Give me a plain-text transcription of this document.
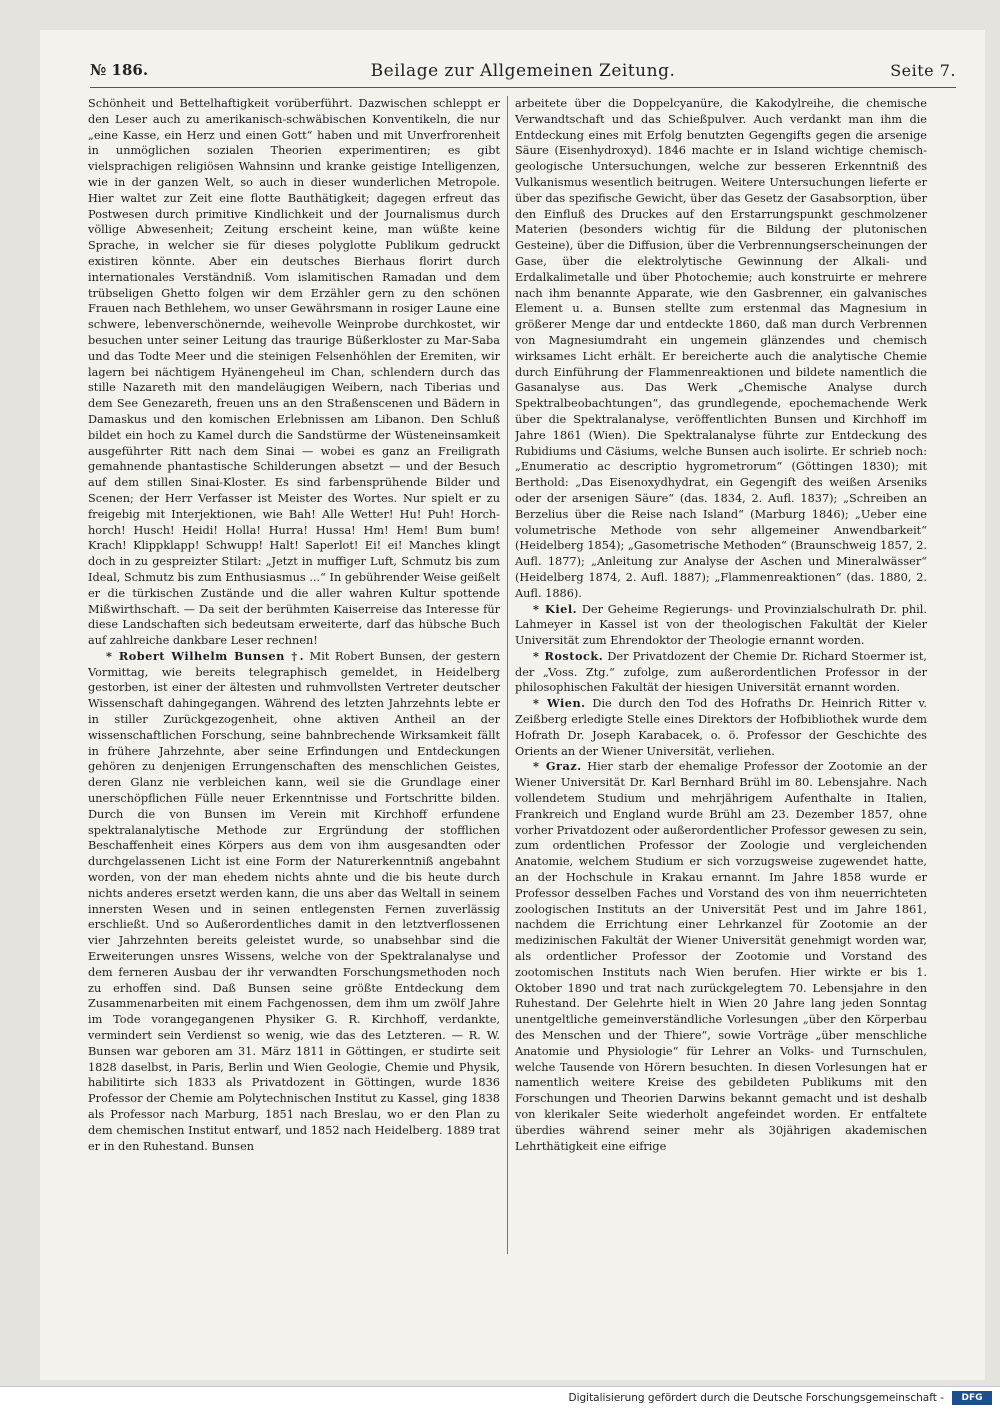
№ 186.	Beilage zur Allgemeinen Zeitung.	Seite 7.

Schönheit und Bettelhaftigkeit vorüberführt. Dazwischen schleppt er den Leser auch zu amerikanisch-schwäbischen Konventikeln, die nur „eine Kasse, ein Herz und einen Gott“ haben und mit Unverfrorenheit in unmöglichen sozialen Theorien experimentiren; es gibt vielsprachigen religiösen Wahnsinn und kranke geistige Intelligenzen, wie in der ganzen Welt, so auch in dieser wunderlichen Metropole. Hier waltet zur Zeit eine flotte Bauthätigkeit; dagegen erfreut das Postwesen durch primitive Kindlichkeit und der Journalismus durch völlige Abwesenheit; Zeitung erscheint keine, man wüßte keine Sprache, in welcher sie für dieses polyglotte Publikum gedruckt existiren könnte. Aber ein deutsches Bierhaus florirt durch internationales Verständniß. Vom islamitischen Ramadan und dem trübseligen Ghetto folgen wir dem Erzähler gern zu den schönen Frauen nach Bethlehem, wo unser Gewährsmann in rosiger Laune eine schwere, lebenverschönernde, weihevolle Weinprobe durchkostet, wir besuchen unter seiner Leitung das traurige Büßerkloster zu Mar-Saba und das Todte Meer und die steinigen Felsenhöhlen der Eremiten, wir lagern bei nächtigem Hyänengeheul im Chan, schlendern durch das stille Nazareth mit den mandeläugigen Weibern, nach Tiberias und dem See Genezareth, freuen uns an den Straßenscenen und Bädern in Damaskus und den komischen Erlebnissen am Libanon. Den Schluß bildet ein hoch zu Kamel durch die Sandstürme der Wüsteneinsamkeit ausgeführter Ritt nach dem Sinai — wobei es ganz an Freiligrath gemahnende phantastische Schilderungen absetzt — und der Besuch auf dem stillen Sinai-Kloster. Es sind farbensprühende Bilder und Scenen; der Herr Verfasser ist Meister des Wortes. Nur spielt er zu freigebig mit Interjektionen, wie Bah! Alle Wetter! Hu! Puh! Horch-horch! Husch! Heidi! Holla! Hurra! Hussa! Hm! Hem! Bum bum! Krach! Klippklapp! Schwupp! Halt! Saperlot! Ei! ei! Manches klingt doch in zu gespreizter Stilart: „Jetzt in muffiger Luft, Schmutz bis zum Ideal, Schmutz bis zum Enthusiasmus ...“ In gebührender Weise geißelt er die türkischen Zustände und die aller wahren Kultur spottende Mißwirthschaft. — Da seit der berühmten Kaiserreise das Interesse für diese Landschaften sich bedeutsam erweiterte, darf das hübsche Buch auf zahlreiche dankbare Leser rechnen!

* Robert Wilhelm Bunsen †. Mit Robert Bunsen, der gestern Vormittag, wie bereits telegraphisch gemeldet, in Heidelberg gestorben, ist einer der ältesten und ruhmvollsten Vertreter deutscher Wissenschaft dahingegangen. Während des letzten Jahrzehnts lebte er in stiller Zurückgezogenheit, ohne aktiven Antheil an der wissenschaftlichen Forschung, seine bahnbrechende Wirksamkeit fällt in frühere Jahrzehnte, aber seine Erfindungen und Entdeckungen gehören zu denjenigen Errungenschaften des menschlichen Geistes, deren Glanz nie verbleichen kann, weil sie die Grundlage einer unerschöpflichen Fülle neuer Erkenntnisse und Fortschritte bilden. Durch die von Bunsen im Verein mit Kirchhoff erfundene spektralanalytische Methode zur Ergründung der stofflichen Beschaffenheit eines Körpers aus dem von ihm ausgesandten oder durchgelassenen Licht ist eine Form der Naturerkenntniß angebahnt worden, von der man ehedem nichts ahnte und die bis heute durch nichts anderes ersetzt werden kann, die uns aber das Weltall in seinem innersten Wesen und in seinen entlegensten Fernen zuverlässig erschließt. Und so Außerordentliches damit in den letztverflossenen vier Jahrzehnten bereits geleistet wurde, so unabsehbar sind die Erweiterungen unsres Wissens, welche von der Spektralanalyse und dem ferneren Ausbau der ihr verwandten Forschungsmethoden noch zu erhoffen sind. Daß Bunsen seine größte Entdeckung dem Zusammenarbeiten mit einem Fachgenossen, dem ihm um zwölf Jahre im Tode vorangegangenen Physiker G. R. Kirchhoff, verdankte, vermindert sein Verdienst so wenig, wie das des Letzteren. — R. W. Bunsen war geboren am 31. März 1811 in Göttingen, er studirte seit 1828 daselbst, in Paris, Berlin und Wien Geologie, Chemie und Physik, habilitirte sich 1833 als Privatdozent in Göttingen, wurde 1836 Professor der Chemie am Polytechnischen Institut zu Kassel, ging 1838 als Professor nach Marburg, 1851 nach Breslau, wo er den Plan zu dem chemischen Institut entwarf, und 1852 nach Heidelberg. 1889 trat er in den Ruhestand. Bunsen

arbeitete über die Doppelcyanüre, die Kakodylreihe, die chemische Verwandtschaft und das Schießpulver. Auch verdankt man ihm die Entdeckung eines mit Erfolg benutzten Gegengifts gegen die arsenige Säure (Eisenhydroxyd). 1846 machte er in Island wichtige chemisch-geologische Untersuchungen, welche zur besseren Erkenntniß des Vulkanismus wesentlich beitrugen. Weitere Untersuchungen lieferte er über das spezifische Gewicht, über das Gesetz der Gasabsorption, über den Einfluß des Druckes auf den Erstarrungspunkt geschmolzener Materien (besonders wichtig für die Bildung der plutonischen Gesteine), über die Diffusion, über die Verbrennungserscheinungen der Gase, über die elektrolytische Gewinnung der Alkali- und Erdalkalimetalle und über Photochemie; auch konstruirte er mehrere nach ihm benannte Apparate, wie den Gasbrenner, ein galvanisches Element u. a. Bunsen stellte zum erstenmal das Magnesium in größerer Menge dar und entdeckte 1860, daß man durch Verbrennen von Magnesiumdraht ein ungemein glänzendes und chemisch wirksames Licht erhält. Er bereicherte auch die analytische Chemie durch Einführung der Flammenreaktionen und bildete namentlich die Gasanalyse aus. Das Werk „Chemische Analyse durch Spektralbeobachtungen“, das grundlegende, epochemachende Werk über die Spektralanalyse, veröffentlichten Bunsen und Kirchhoff im Jahre 1861 (Wien). Die Spektralanalyse führte zur Entdeckung des Rubidiums und Cäsiums, welche Bunsen auch isolirte. Er schrieb noch: „Enumeratio ac descriptio hygrometrorum“ (Göttingen 1830); mit Berthold: „Das Eisenoxydhydrat, ein Gegengift des weißen Arseniks oder der arsenigen Säure“ (das. 1834, 2. Aufl. 1837); „Schreiben an Berzelius über die Reise nach Island“ (Marburg 1846); „Ueber eine volumetrische Methode von sehr allgemeiner Anwendbarkeit“ (Heidelberg 1854); „Gasometrische Methoden“ (Braunschweig 1857, 2. Aufl. 1877); „Anleitung zur Analyse der Aschen und Mineralwässer“ (Heidelberg 1874, 2. Aufl. 1887); „Flammenreaktionen“ (das. 1880, 2. Aufl. 1886).

* Kiel. Der Geheime Regierungs- und Provinzialschulrath Dr. phil. Lahmeyer in Kassel ist von der theologischen Fakultät der Kieler Universität zum Ehrendoktor der Theologie ernannt worden.

* Rostock. Der Privatdozent der Chemie Dr. Richard Stoermer ist, der „Voss. Ztg.“ zufolge, zum außerordentlichen Professor in der philosophischen Fakultät der hiesigen Universität ernannt worden.

* Wien. Die durch den Tod des Hofraths Dr. Heinrich Ritter v. Zeißberg erledigte Stelle eines Direktors der Hofbibliothek wurde dem Hofrath Dr. Joseph Karabacek, o. ö. Professor der Geschichte des Orients an der Wiener Universität, verliehen.

* Graz. Hier starb der ehemalige Professor der Zootomie an der Wiener Universität Dr. Karl Bernhard Brühl im 80. Lebensjahre. Nach vollendetem Studium und mehrjährigem Aufenthalte in Italien, Frankreich und England wurde Brühl am 23. Dezember 1857, ohne vorher Privatdozent oder außerordentlicher Professor gewesen zu sein, zum ordentlichen Professor der Zoologie und vergleichenden Anatomie, welchem Studium er sich vorzugsweise zugewendet hatte, an der Hochschule in Krakau ernannt. Im Jahre 1858 wurde er Professor desselben Faches und Vorstand des von ihm neuerrichteten zoologischen Instituts an der Universität Pest und im Jahre 1861, nachdem die Errichtung einer Lehrkanzel für Zootomie an der medizinischen Fakultät der Wiener Universität genehmigt worden war, als ordentlicher Professor der Zootomie und Vorstand des zootomischen Instituts nach Wien berufen. Hier wirkte er bis 1. Oktober 1890 und trat nach zurückgelegtem 70. Lebensjahre in den Ruhestand. Der Gelehrte hielt in Wien 20 Jahre lang jeden Sonntag unentgeltliche gemeinverständliche Vorlesungen „über den Körperbau des Menschen und der Thiere“, sowie Vorträge „über menschliche Anatomie und Physiologie“ für Lehrer an Volks- und Turnschulen, welche Tausende von Hörern besuchten. In diesen Vorlesungen hat er namentlich weitere Kreise des gebildeten Publikums mit den Forschungen und Theorien Darwins bekannt gemacht und ist deshalb von klerikaler Seite wiederholt angefeindet worden. Er entfaltete überdies während seiner mehr als 30jährigen akademischen Lehrthätigkeit eine eifrige

Digitalisierung gefördert durch die Deutsche Forschungsgemeinschaft -	DFG
